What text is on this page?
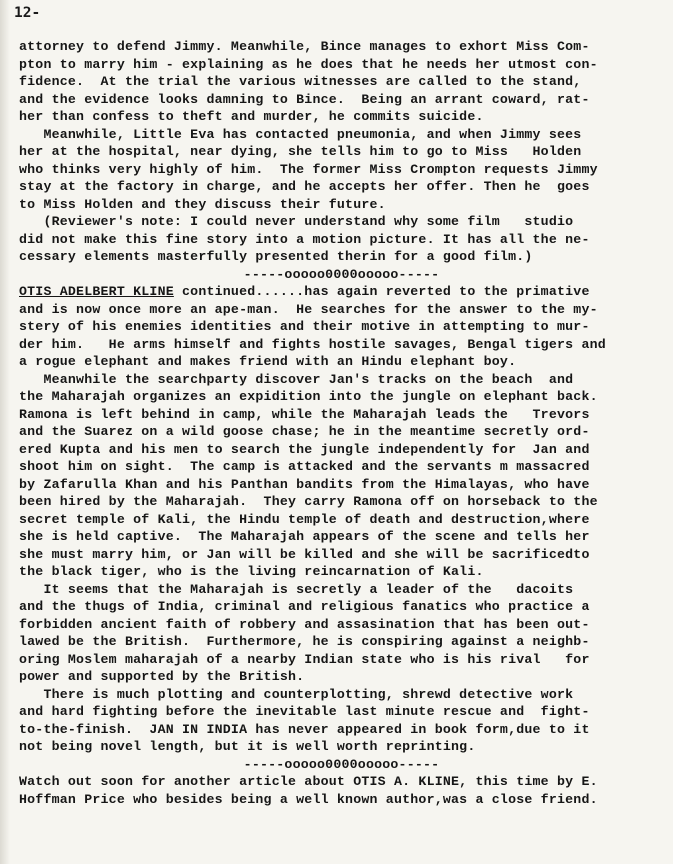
12-
attorney to defend Jimmy. Meanwhile, Bince manages to exhort Miss Com-
pton to marry him - explaining as he does that he needs her utmost con-
fidence.  At the trial the various witnesses are called to the stand,
and the evidence looks damning to Bince.  Being an arrant coward, rat-
her than confess to theft and murder, he commits suicide.
Meanwhile, Little Eva has contacted pneumonia, and when Jimmy sees
her at the hospital, near dying, she tells him to go to Miss   Holden
who thinks very highly of him.  The former Miss Crompton requests Jimmy
stay at the factory in charge, and he accepts her offer. Then he  goes
to Miss Holden and they discuss their future.
(Reviewer's note: I could never understand why some film   studio
did not make this fine story into a motion picture. It has all the ne-
cessary elements masterfully presented therin for a good film.)
-----ooooo0000ooooo-----
OTIS ADELBERT KLINE continued......has again reverted to the primative
and is now once more an ape-man.  He searches for the answer to the my-
stery of his enemies identities and their motive in attempting to mur-
der him.   He arms himself and fights hostile savages, Bengal tigers and
a rogue elephant and makes friend with an Hindu elephant boy.
Meanwhile the searchparty discover Jan's tracks on the beach  and
the Maharajah organizes an expidition into the jungle on elephant back.
Ramona is left behind in camp, while the Maharajah leads the   Trevors
and the Suarez on a wild goose chase; he in the meantime secretly ord-
ered Kupta and his men to search the jungle independently for  Jan and
shoot him on sight.  The camp is attacked and the servants m massacred
by Zafarulla Khan and his Panthan bandits from the Himalayas, who have
been hired by the Maharajah.  They carry Ramona off on horseback to the
secret temple of Kali, the Hindu temple of death and destruction,where
she is held captive.  The Maharajah appears of the scene and tells her
she must marry him, or Jan will be killed and she will be sacrificedto
the black tiger, who is the living reincarnation of Kali.
It seems that the Maharajah is secretly a leader of the   dacoits
and the thugs of India, criminal and religious fanatics who practice a
forbidden ancient faith of robbery and assasination that has been out-
lawed be the British.  Furthermore, he is conspiring against a neighb-
oring Moslem maharajah of a nearby Indian state who is his rival   for
power and supported by the British.
There is much plotting and counterplotting, shrewd detective work
and hard fighting before the inevitable last minute rescue and  fight-
to-the-finish.  JAN IN INDIA has never appeared in book form,due to it
not being novel length, but it is well worth reprinting.
-----ooooo0000ooooo-----
Watch out soon for another article about OTIS A. KLINE, this time by E.
Hoffman Price who besides being a well known author,was a close friend.
